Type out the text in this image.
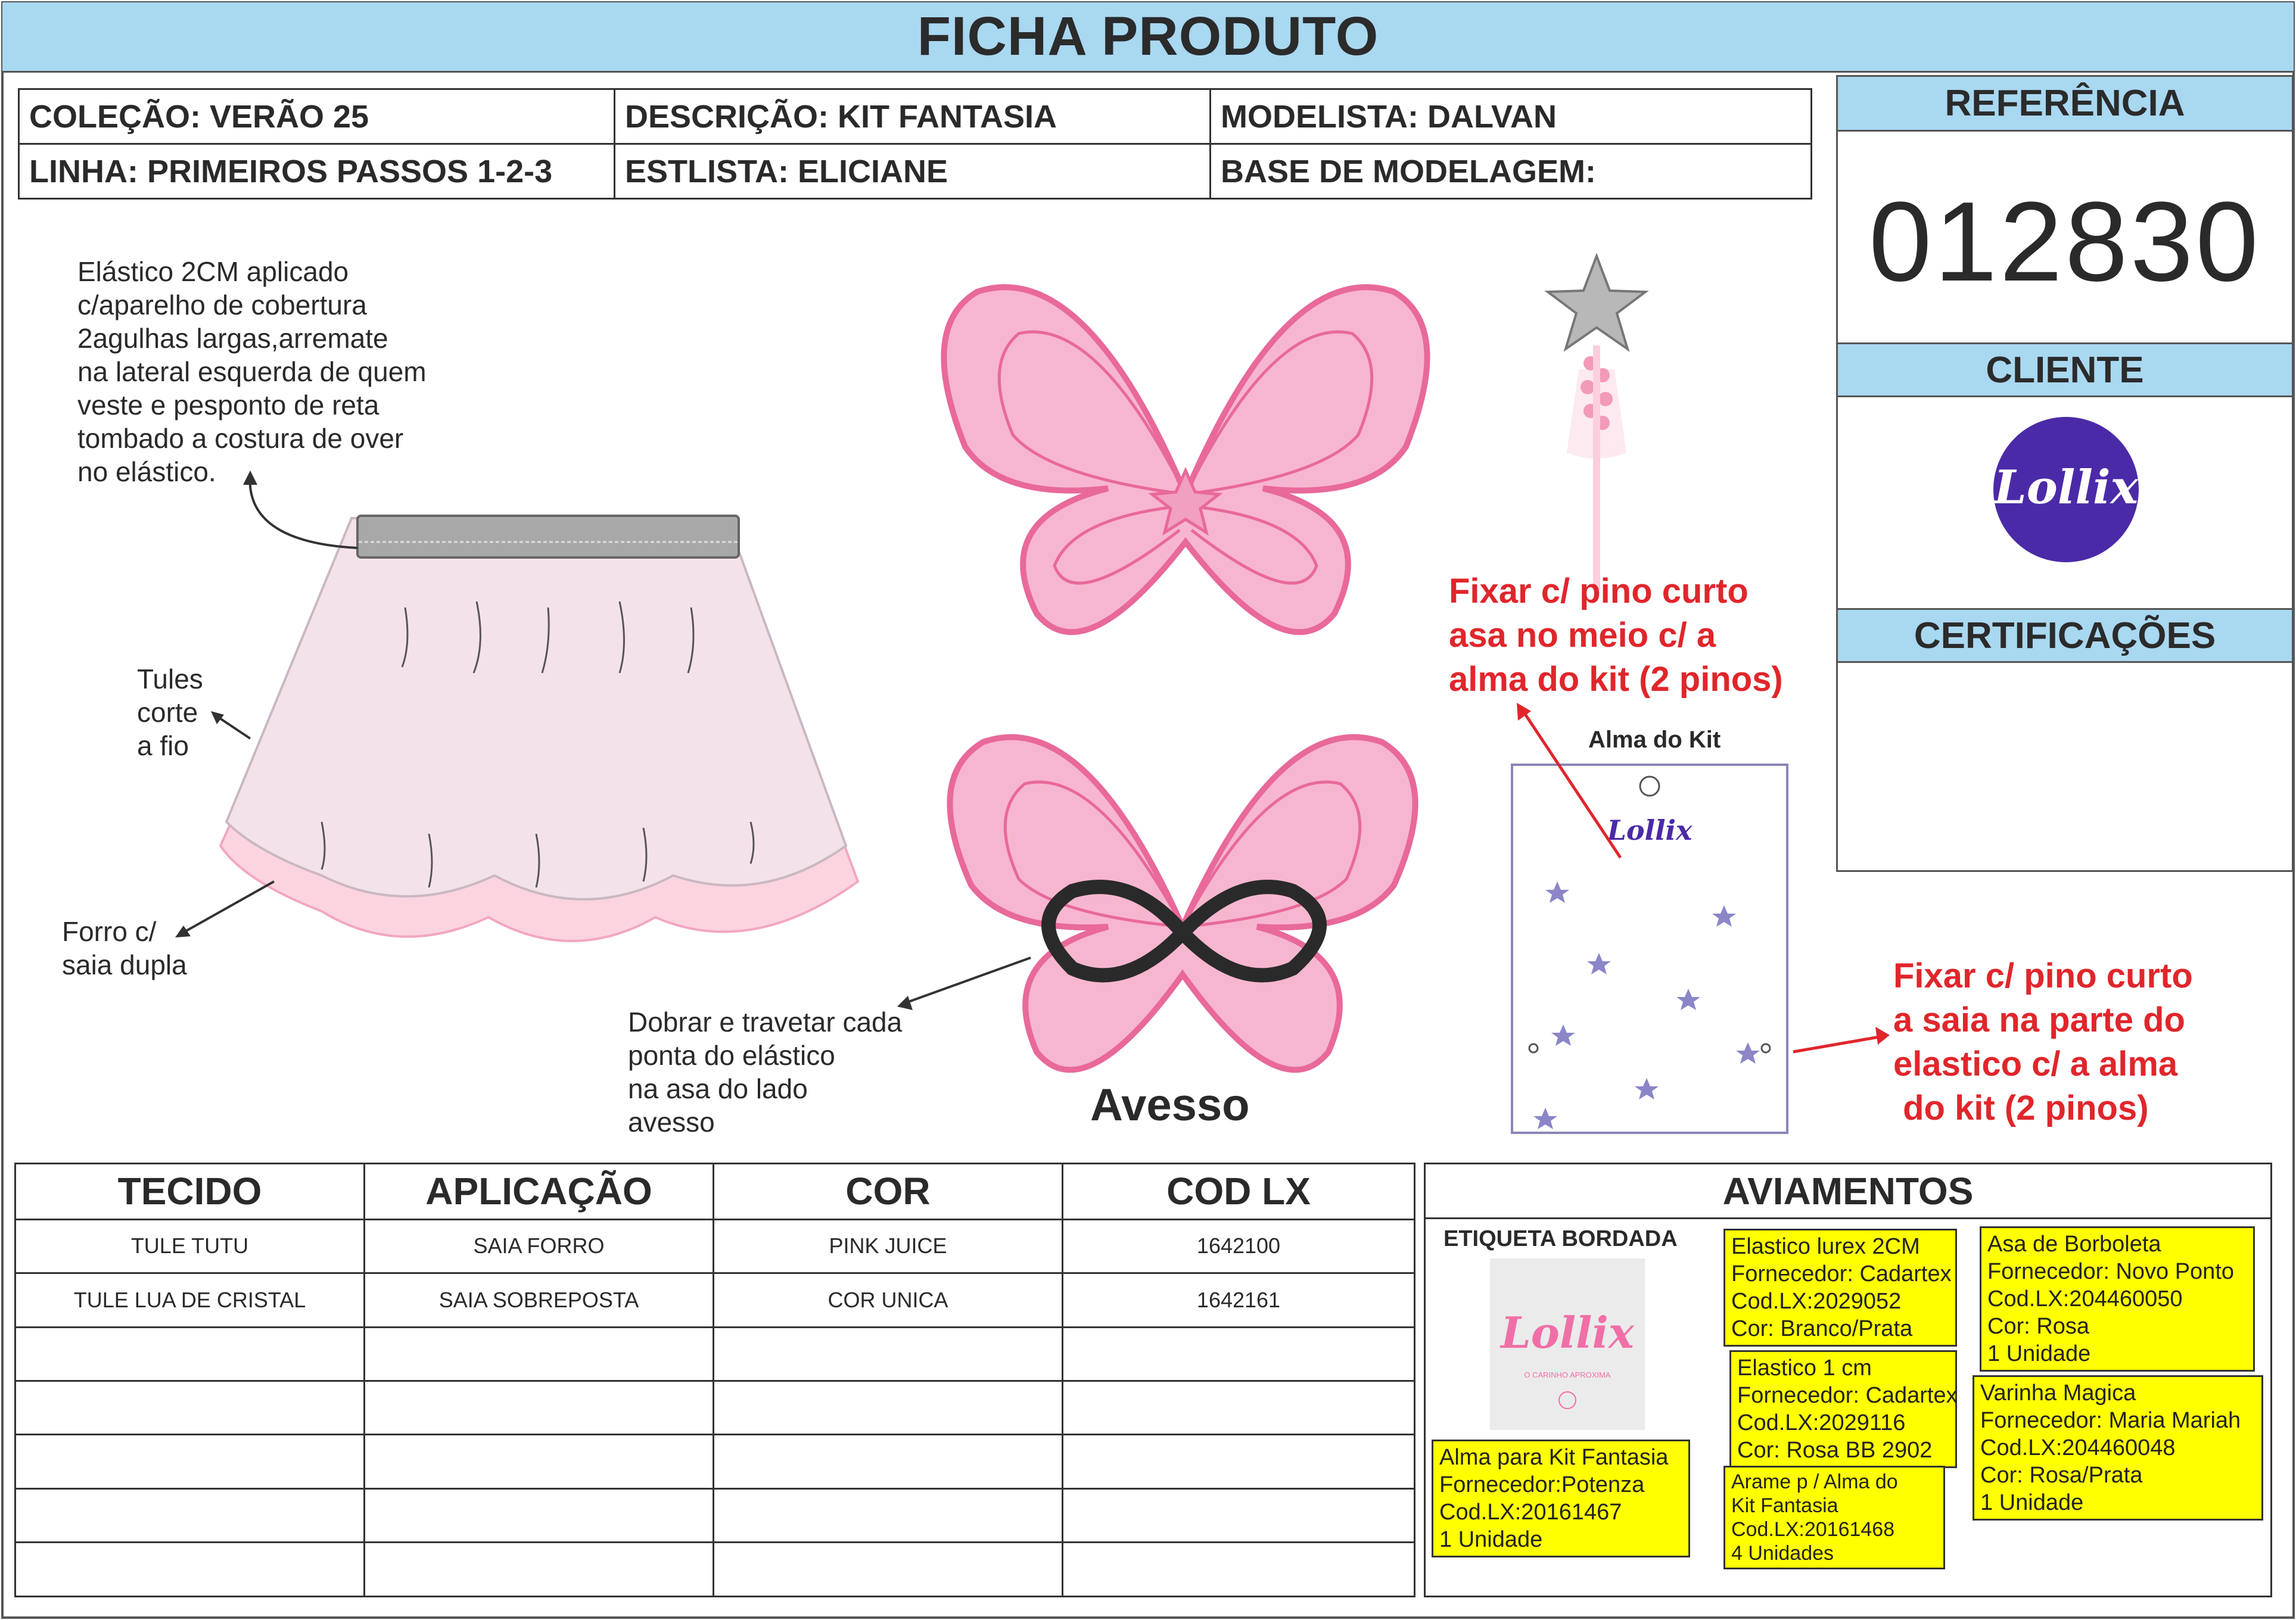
FICHA PRODUTO
COLEÇÃO: VERÃO 25	DESCRIÇÃO: KIT FANTASIA	MODELISTA: DALVAN
LINHA: PRIMEIROS PASSOS 1-2-3	ESTLISTA: ELICIANE	BASE DE MODELAGEM:
REFERÊNCIA
012830
CLIENTE
Lollix
CERTIFICAÇÕES
Elástico 2CM aplicado
c/aparelho de cobertura
2agulhas largas,arremate
na lateral esquerda de quem
veste e pesponto de reta
tombado a costura de over
no elástico.
Tules
corte
a fio
Forro c/
saia dupla
Fixar c/ pino curto
asa no meio c/ a
alma do kit (2 pinos)
Avesso
Dobrar e travetar cada
ponta do elástico
na asa do lado
avesso
Alma do Kit
Lollix
Fixar c/ pino curto
a saia na parte do
elastico c/ a alma
do kit (2 pinos)
TECIDO	APLICAÇÃO	COR	COD LX
TULE TUTU	SAIA FORRO	PINK JUICE	1642100
TULE LUA DE CRISTAL	SAIA SOBREPOSTA	COR UNICA	1642161

AVIAMENTOS
ETIQUETA BORDADA
Lollix
O CARINHO APROXIMA
Elastico lurex 2CM
Fornecedor: Cadartex
Cod.LX:2029052
Cor: Branco/Prata
Asa de Borboleta
Fornecedor: Novo Ponto
Cod.LX:204460050
Cor: Rosa
1 Unidade
Elastico 1 cm
Fornecedor: Cadartex
Cod.LX:2029116
Cor: Rosa BB 2902
Varinha Magica
Fornecedor: Maria Mariah
Cod.LX:204460048
Cor: Rosa/Prata
1 Unidade
Alma para Kit Fantasia
Fornecedor:Potenza
Cod.LX:20161467
1 Unidade
Arame p / Alma do
Kit Fantasia
Cod.LX:20161468
4 Unidades
